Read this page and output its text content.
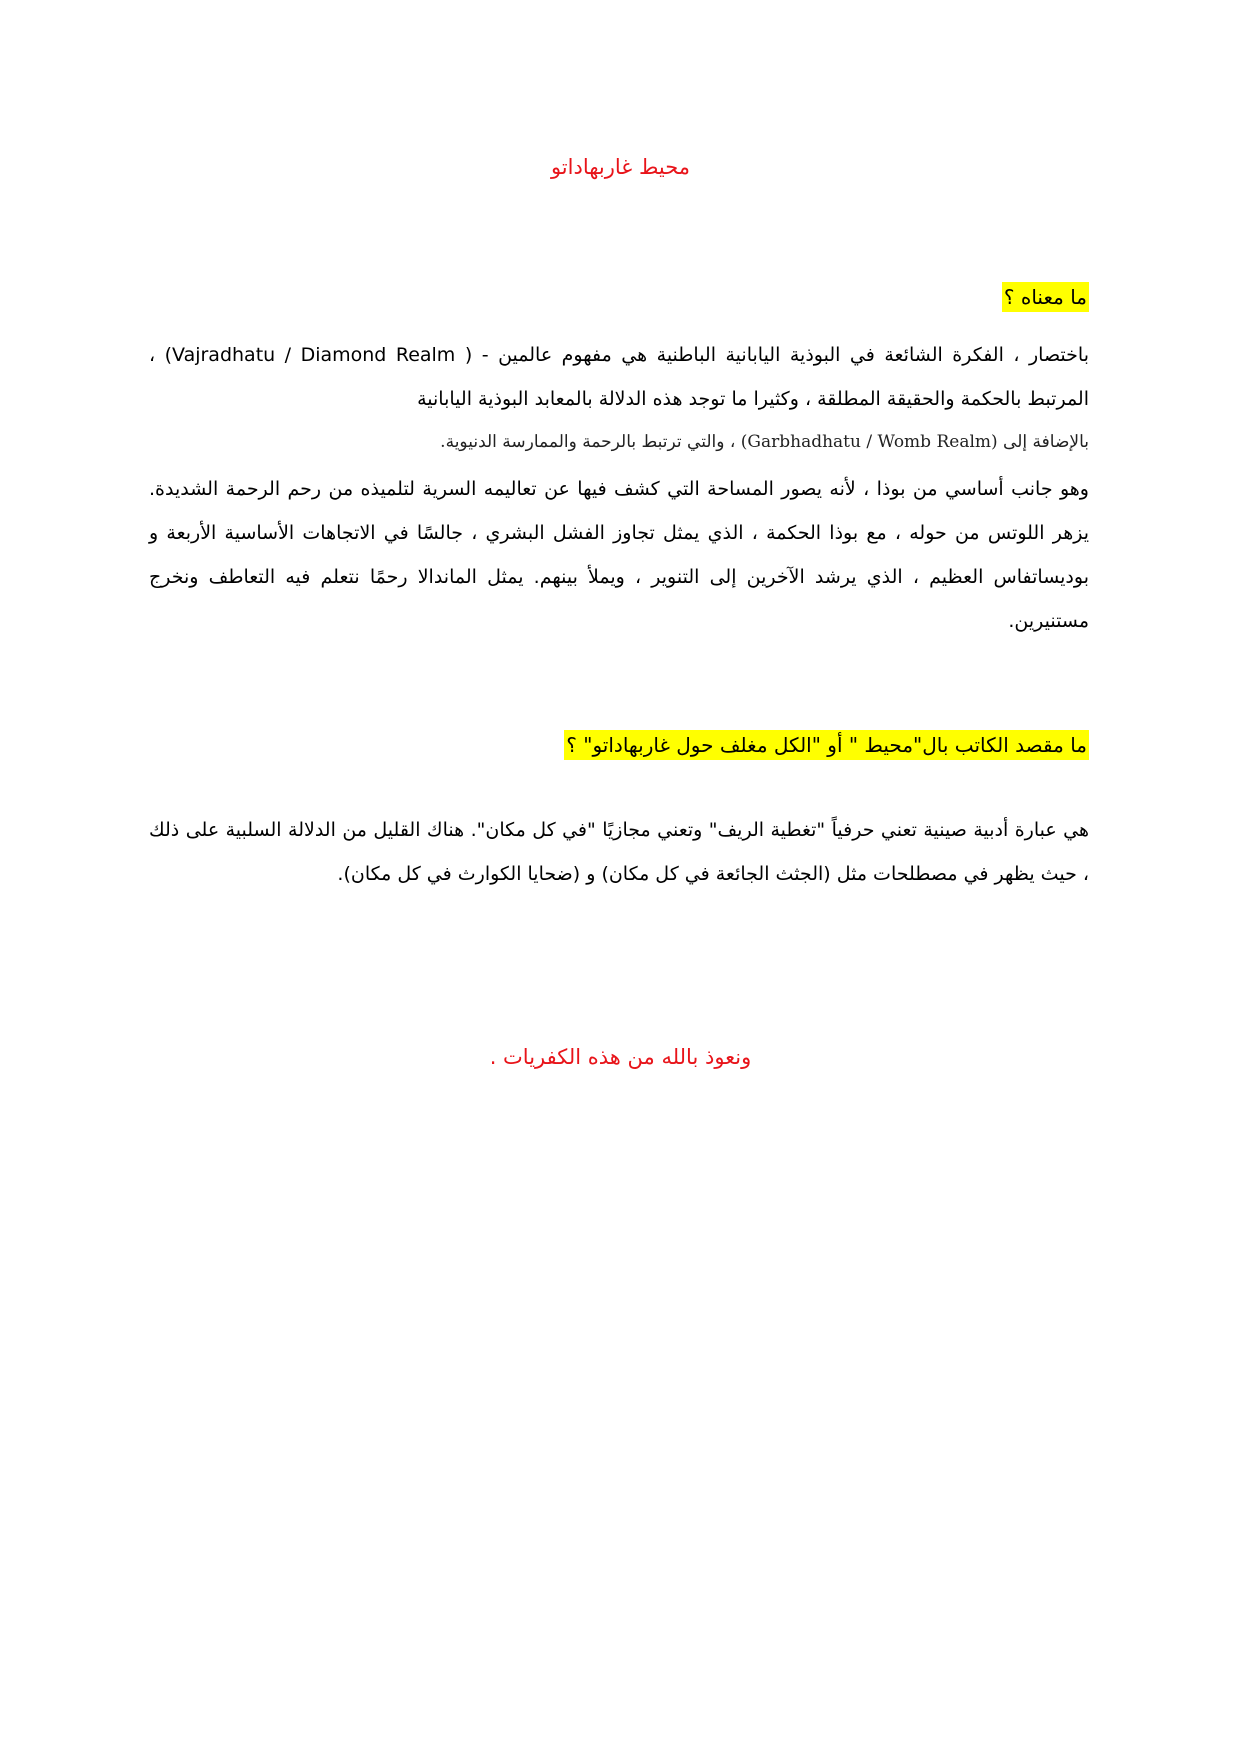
محيط غاربهاداتو
ما معناه ؟

باختصار ، الفكرة الشائعة في البوذية اليابانية الباطنية هي مفهوم عالمين - ( Vajradhatu / Diamond Realm) ، المرتبط بالحكمة والحقيقة المطلقة ، وكثيرا ما توجد هذه الدلالة بالمعابد البوذية اليابانية

بالإضافة إلى (Garbhadhatu / Womb Realm) ، والتي ترتبط بالرحمة والممارسة الدنيوية.

وهو جانب أساسي من بوذا ، لأنه يصور المساحة التي كشف فيها عن تعاليمه السرية لتلميذه من رحم الرحمة الشديدة. يزهر اللوتس من حوله ، مع بوذا الحكمة ، الذي يمثل تجاوز الفشل البشري ، جالسًا في الاتجاهات الأساسية الأربعة و بوديساتفاس العظيم ، الذي يرشد الآخرين إلى التنوير ، ويملأ بينهم. يمثل الماندالا رحمًا نتعلم فيه التعاطف ونخرج مستنيرين.

ما مقصد الكاتب بال"محيط " أو "الكل مغلف حول غاربهاداتو" ؟

هي عبارة أدبية صينية تعني حرفياً "تغطية الريف" وتعني مجازيًا "في كل مكان". هناك القليل من الدلالة السلبية على ذلك ، حيث يظهر في مصطلحات مثل (الجثث الجائعة في كل مكان) و (ضحايا الكوارث في كل مكان).

ونعوذ بالله من هذه الكفريات .
